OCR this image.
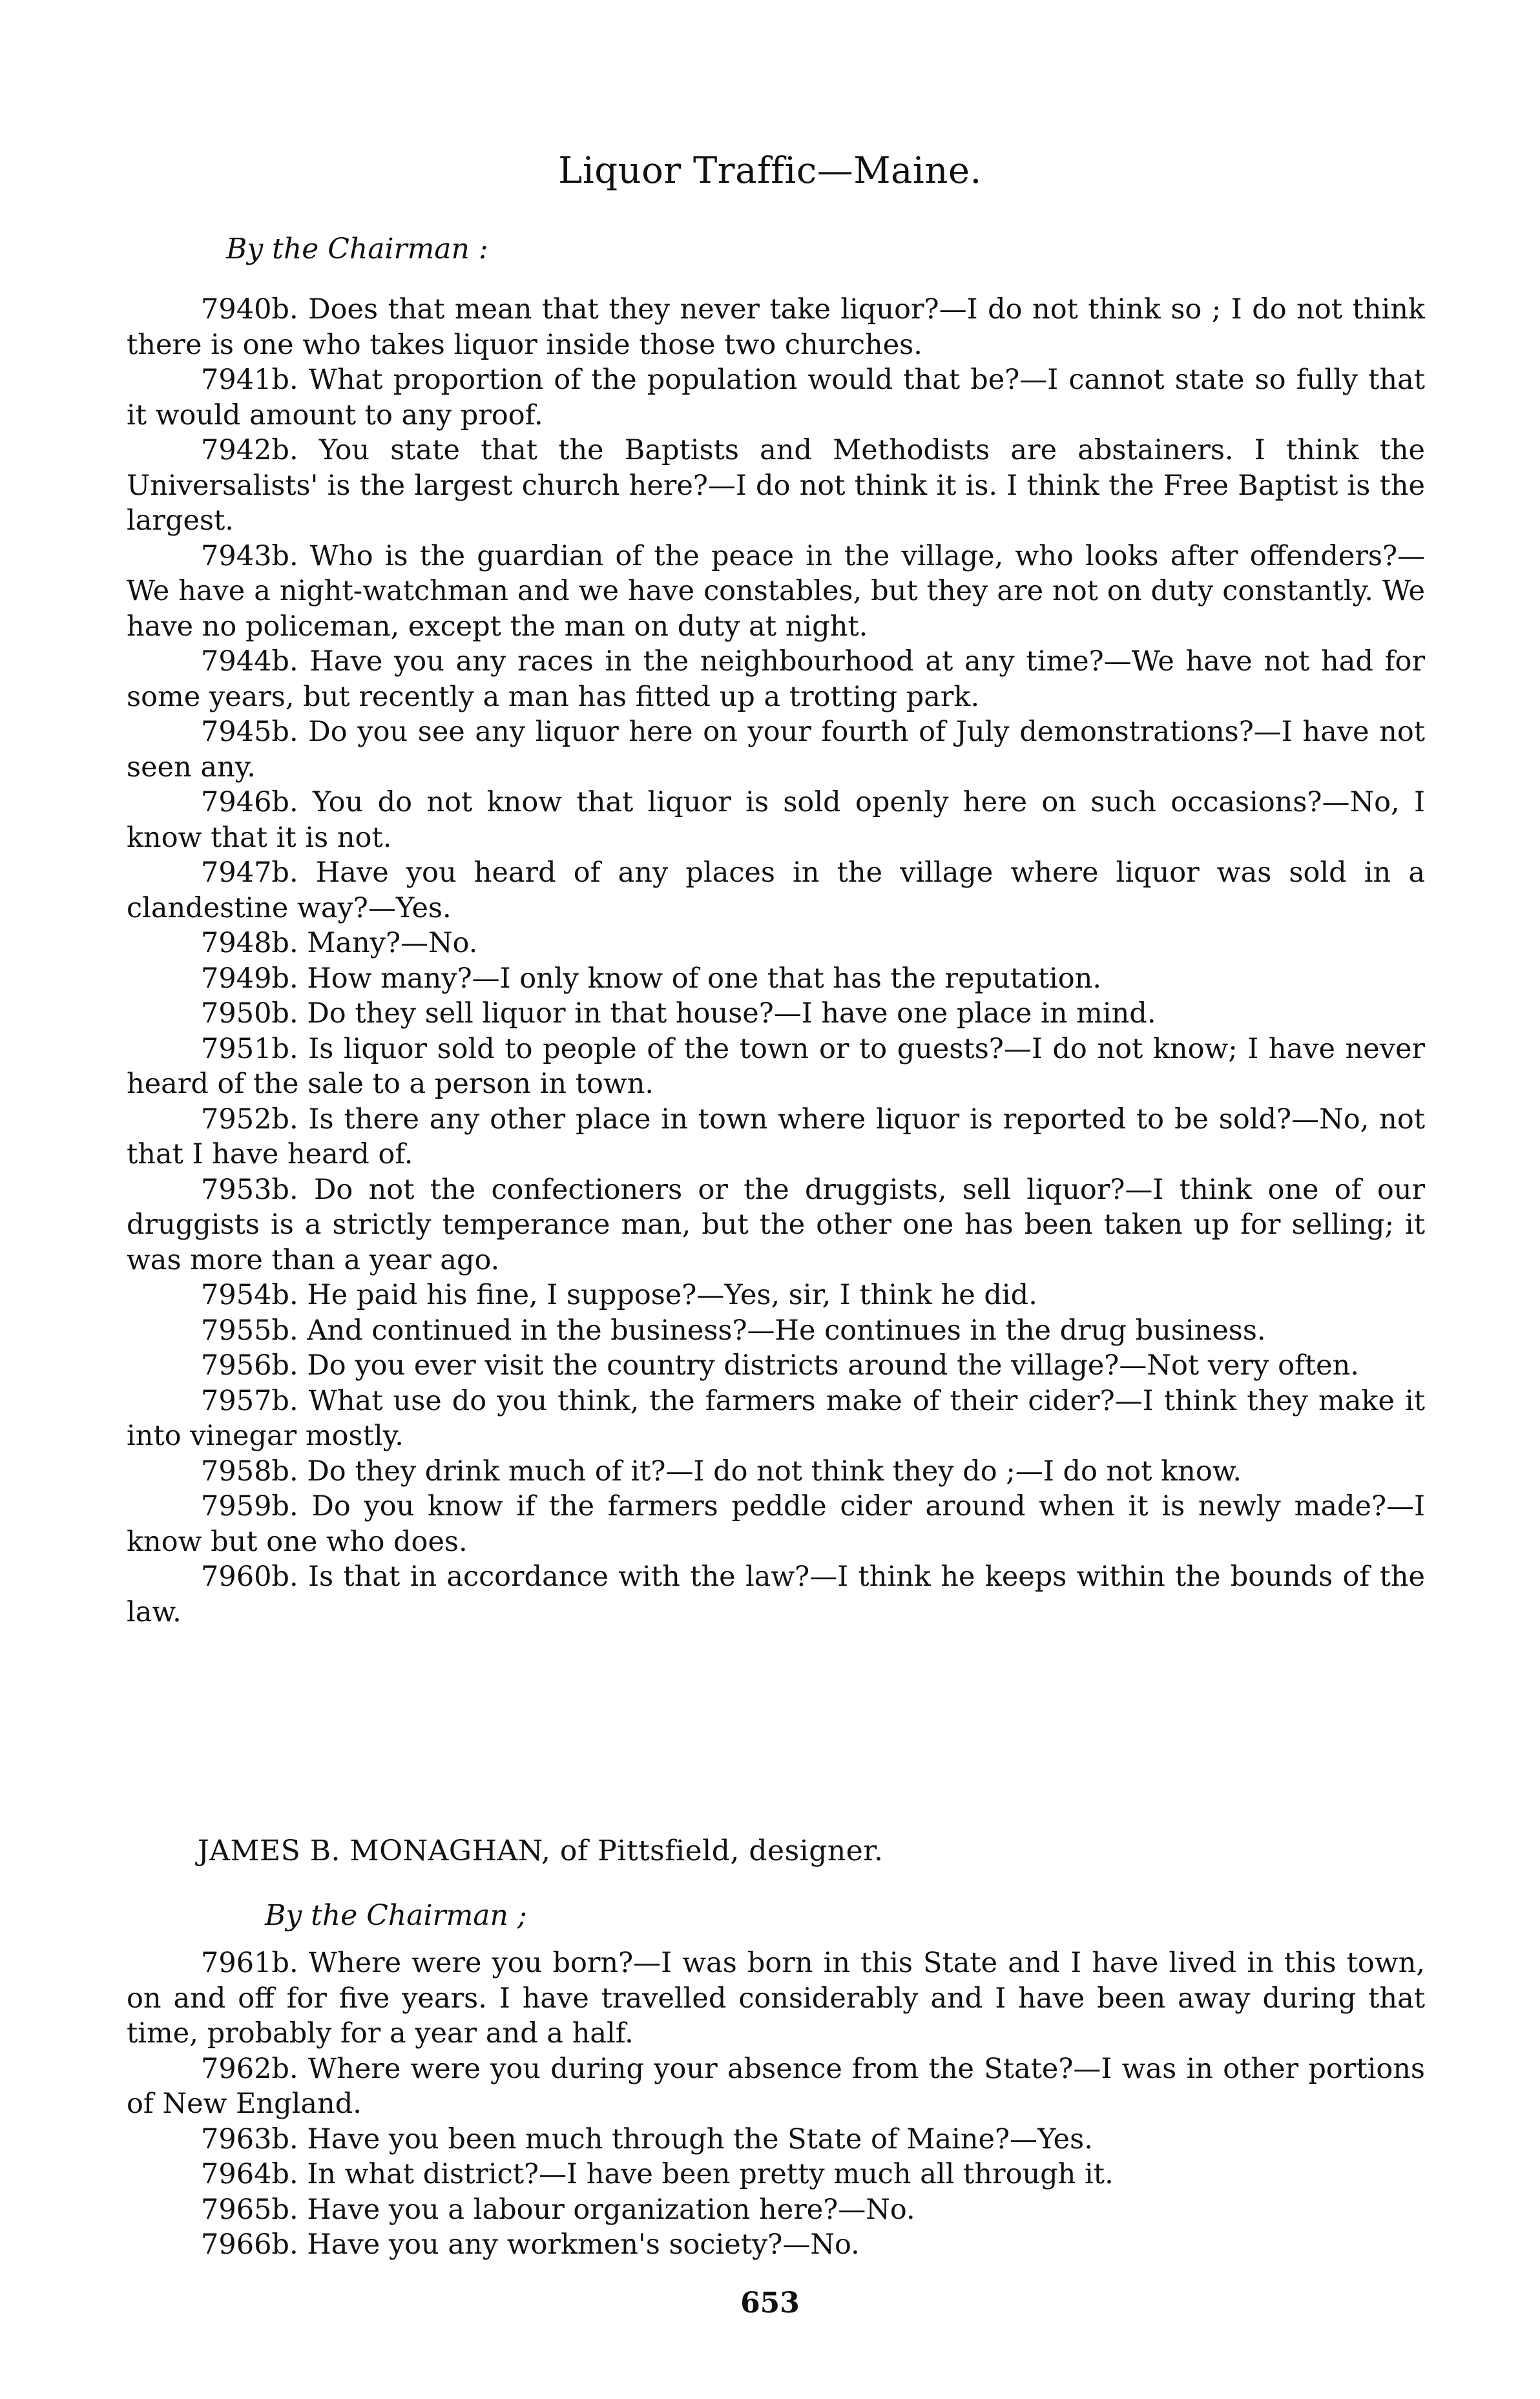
Liquor Traffic—Maine.
By the Chairman :

7940b. Does that mean that they never take liquor?—I do not think so ; I do not think there is one who takes liquor inside those two churches.

7941b. What proportion of the population would that be?—I cannot state so fully that it would amount to any proof.

7942b. You state that the Baptists and Methodists are abstainers. I think the Universalists' is the largest church here?—I do not think it is. I think the Free Baptist is the largest.

7943b. Who is the guardian of the peace in the village, who looks after offenders?—We have a night-watchman and we have constables, but they are not on duty constantly. We have no policeman, except the man on duty at night.

7944b. Have you any races in the neighbourhood at any time?—We have not had for some years, but recently a man has fitted up a trotting park.

7945b. Do you see any liquor here on your fourth of July demonstrations?—I have not seen any.

7946b. You do not know that liquor is sold openly here on such occasions?—No, I know that it is not.

7947b. Have you heard of any places in the village where liquor was sold in a clandestine way?—Yes.

7948b. Many?—No.

7949b. How many?—I only know of one that has the reputation.

7950b. Do they sell liquor in that house?—I have one place in mind.

7951b. Is liquor sold to people of the town or to guests?—I do not know; I have never heard of the sale to a person in town.

7952b. Is there any other place in town where liquor is reported to be sold?—No, not that I have heard of.

7953b. Do not the confectioners or the druggists, sell liquor?—I think one of our druggists is a strictly temperance man, but the other one has been taken up for selling; it was more than a year ago.

7954b. He paid his fine, I suppose?—Yes, sir, I think he did.

7955b. And continued in the business?—He continues in the drug business.

7956b. Do you ever visit the country districts around the village?—Not very often.

7957b. What use do you think, the farmers make of their cider?—I think they make it into vinegar mostly.

7958b. Do they drink much of it?—I do not think they do ;—I do not know.

7959b. Do you know if the farmers peddle cider around when it is newly made?—I know but one who does.

7960b. Is that in accordance with the law?—I think he keeps within the bounds of the law.

JAMES B. MONAGHAN, of Pittsfield, designer.
By the Chairman ;

7961b. Where were you born?—I was born in this State and I have lived in this town, on and off for five years. I have travelled considerably and I have been away during that time, probably for a year and a half.

7962b. Where were you during your absence from the State?—I was in other portions of New England.

7963b. Have you been much through the State of Maine?—Yes.

7964b. In what district?—I have been pretty much all through it.

7965b. Have you a labour organization here?—No.

7966b. Have you any workmen's society?—No.

653
